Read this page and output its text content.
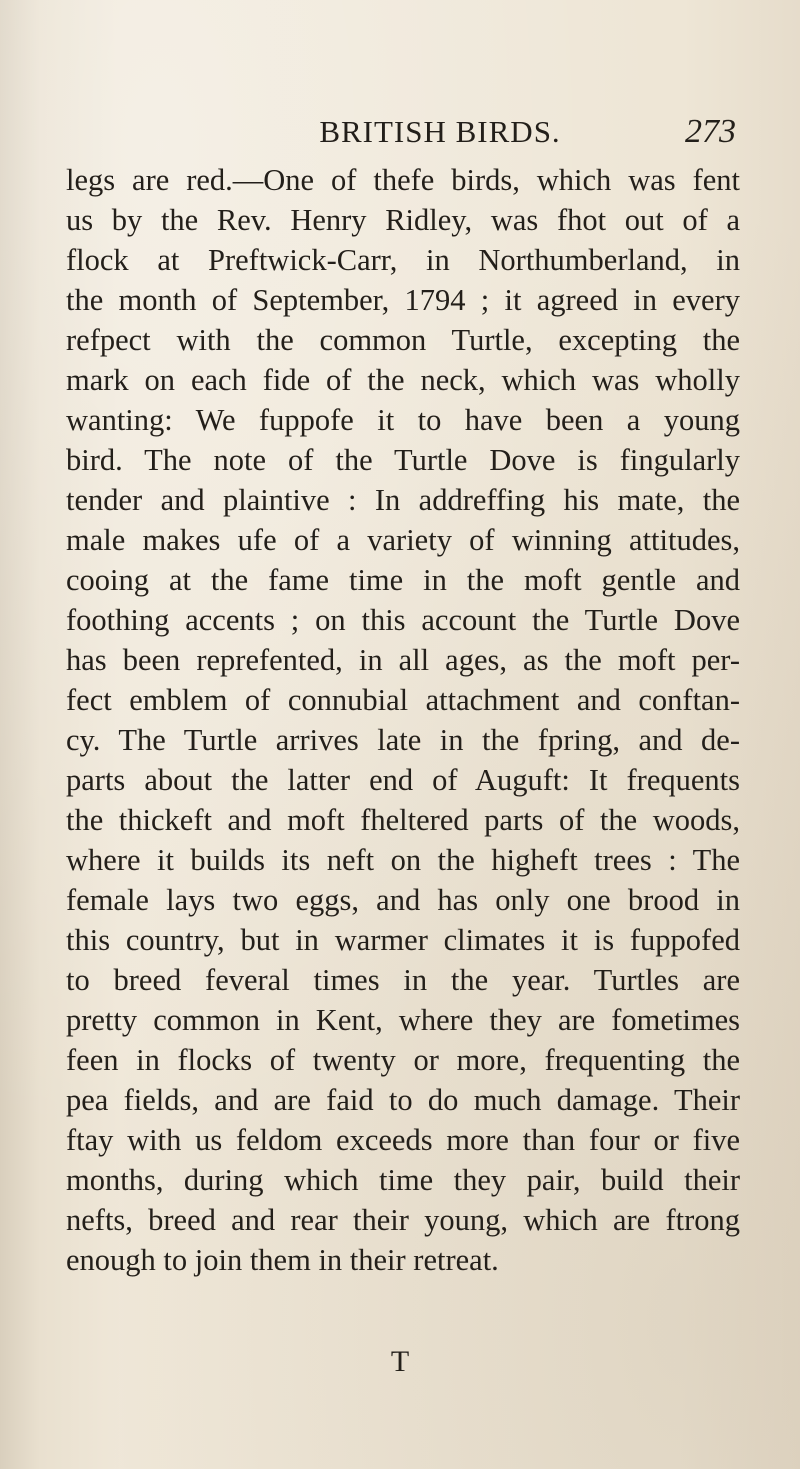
BRITISH BIRDS.	273
legs are red.—One of thefe birds, which was fent
us by the Rev. Henry Ridley, was fhot out of a
flock at Preftwick-Carr, in Northumberland, in
the month of September, 1794 ; it agreed in every
refpect with the common Turtle, excepting the
mark on each fide of the neck, which was wholly
wanting: We fuppofe it to have been a young
bird. The note of the Turtle Dove is fingularly
tender and plaintive : In addreffing his mate, the
male makes ufe of a variety of winning attitudes,
cooing at the fame time in the moft gentle and
foothing accents ; on this account the Turtle Dove
has been reprefented, in all ages, as the moft per-
fect emblem of connubial attachment and conftan-
cy. The Turtle arrives late in the fpring, and de-
parts about the latter end of Auguft: It frequents
the thickeft and moft fheltered parts of the woods,
where it builds its neft on the higheft trees : The
female lays two eggs, and has only one brood in
this country, but in warmer climates it is fuppofed
to breed feveral times in the year. Turtles are
pretty common in Kent, where they are fometimes
feen in flocks of twenty or more, frequenting the
pea fields, and are faid to do much damage. Their
ftay with us feldom exceeds more than four or five
months, during which time they pair, build their
nefts, breed and rear their young, which are ftrong
enough to join them in their retreat.
T
